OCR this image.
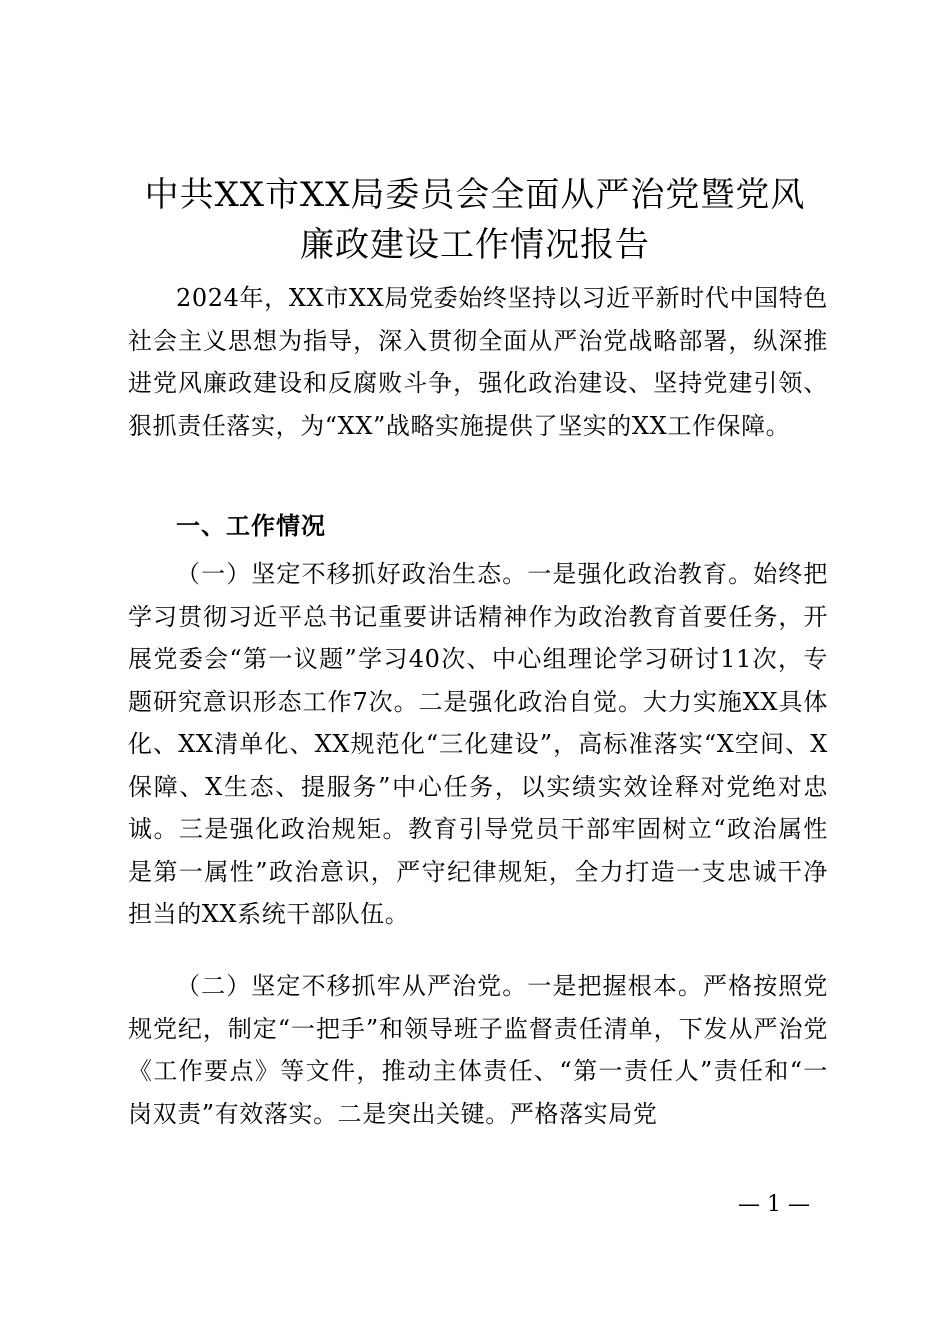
中共XX市XX局委员会全面从严治党暨党风
廉政建设工作情况报告
2024年，XX市XX局党委始终坚持以习近平新时代中国特色社会主义思想为指导，深入贯彻全面从严治党战略部署，纵深推进党风廉政建设和反腐败斗争，强化政治建设、坚持党建引领、狠抓责任落实，为“XX”战略实施提供了坚实的XX工作保障。
一、工作情况
（一）坚定不移抓好政治生态。一是强化政治教育。始终把学习贯彻习近平总书记重要讲话精神作为政治教育首要任务，开展党委会“第一议题”学习40次、中心组理论学习研讨11次，专题研究意识形态工作7次。二是强化政治自觉。大力实施XX具体化、XX清单化、XX规范化“三化建设”，高标准落实“X空间、X保障、X生态、提服务”中心任务，以实绩实效诠释对党绝对忠诚。三是强化政治规矩。教育引导党员干部牢固树立“政治属性是第一属性”政治意识，严守纪律规矩，全力打造一支忠诚干净担当的XX系统干部队伍。
（二）坚定不移抓牢从严治党。一是把握根本。严格按照党规党纪，制定“一把手”和领导班子监督责任清单，下发从严治党《工作要点》等文件，推动主体责任、“第一责任人”责任和“一岗双责”有效落实。二是突出关键。严格落实局党
— 1 —
